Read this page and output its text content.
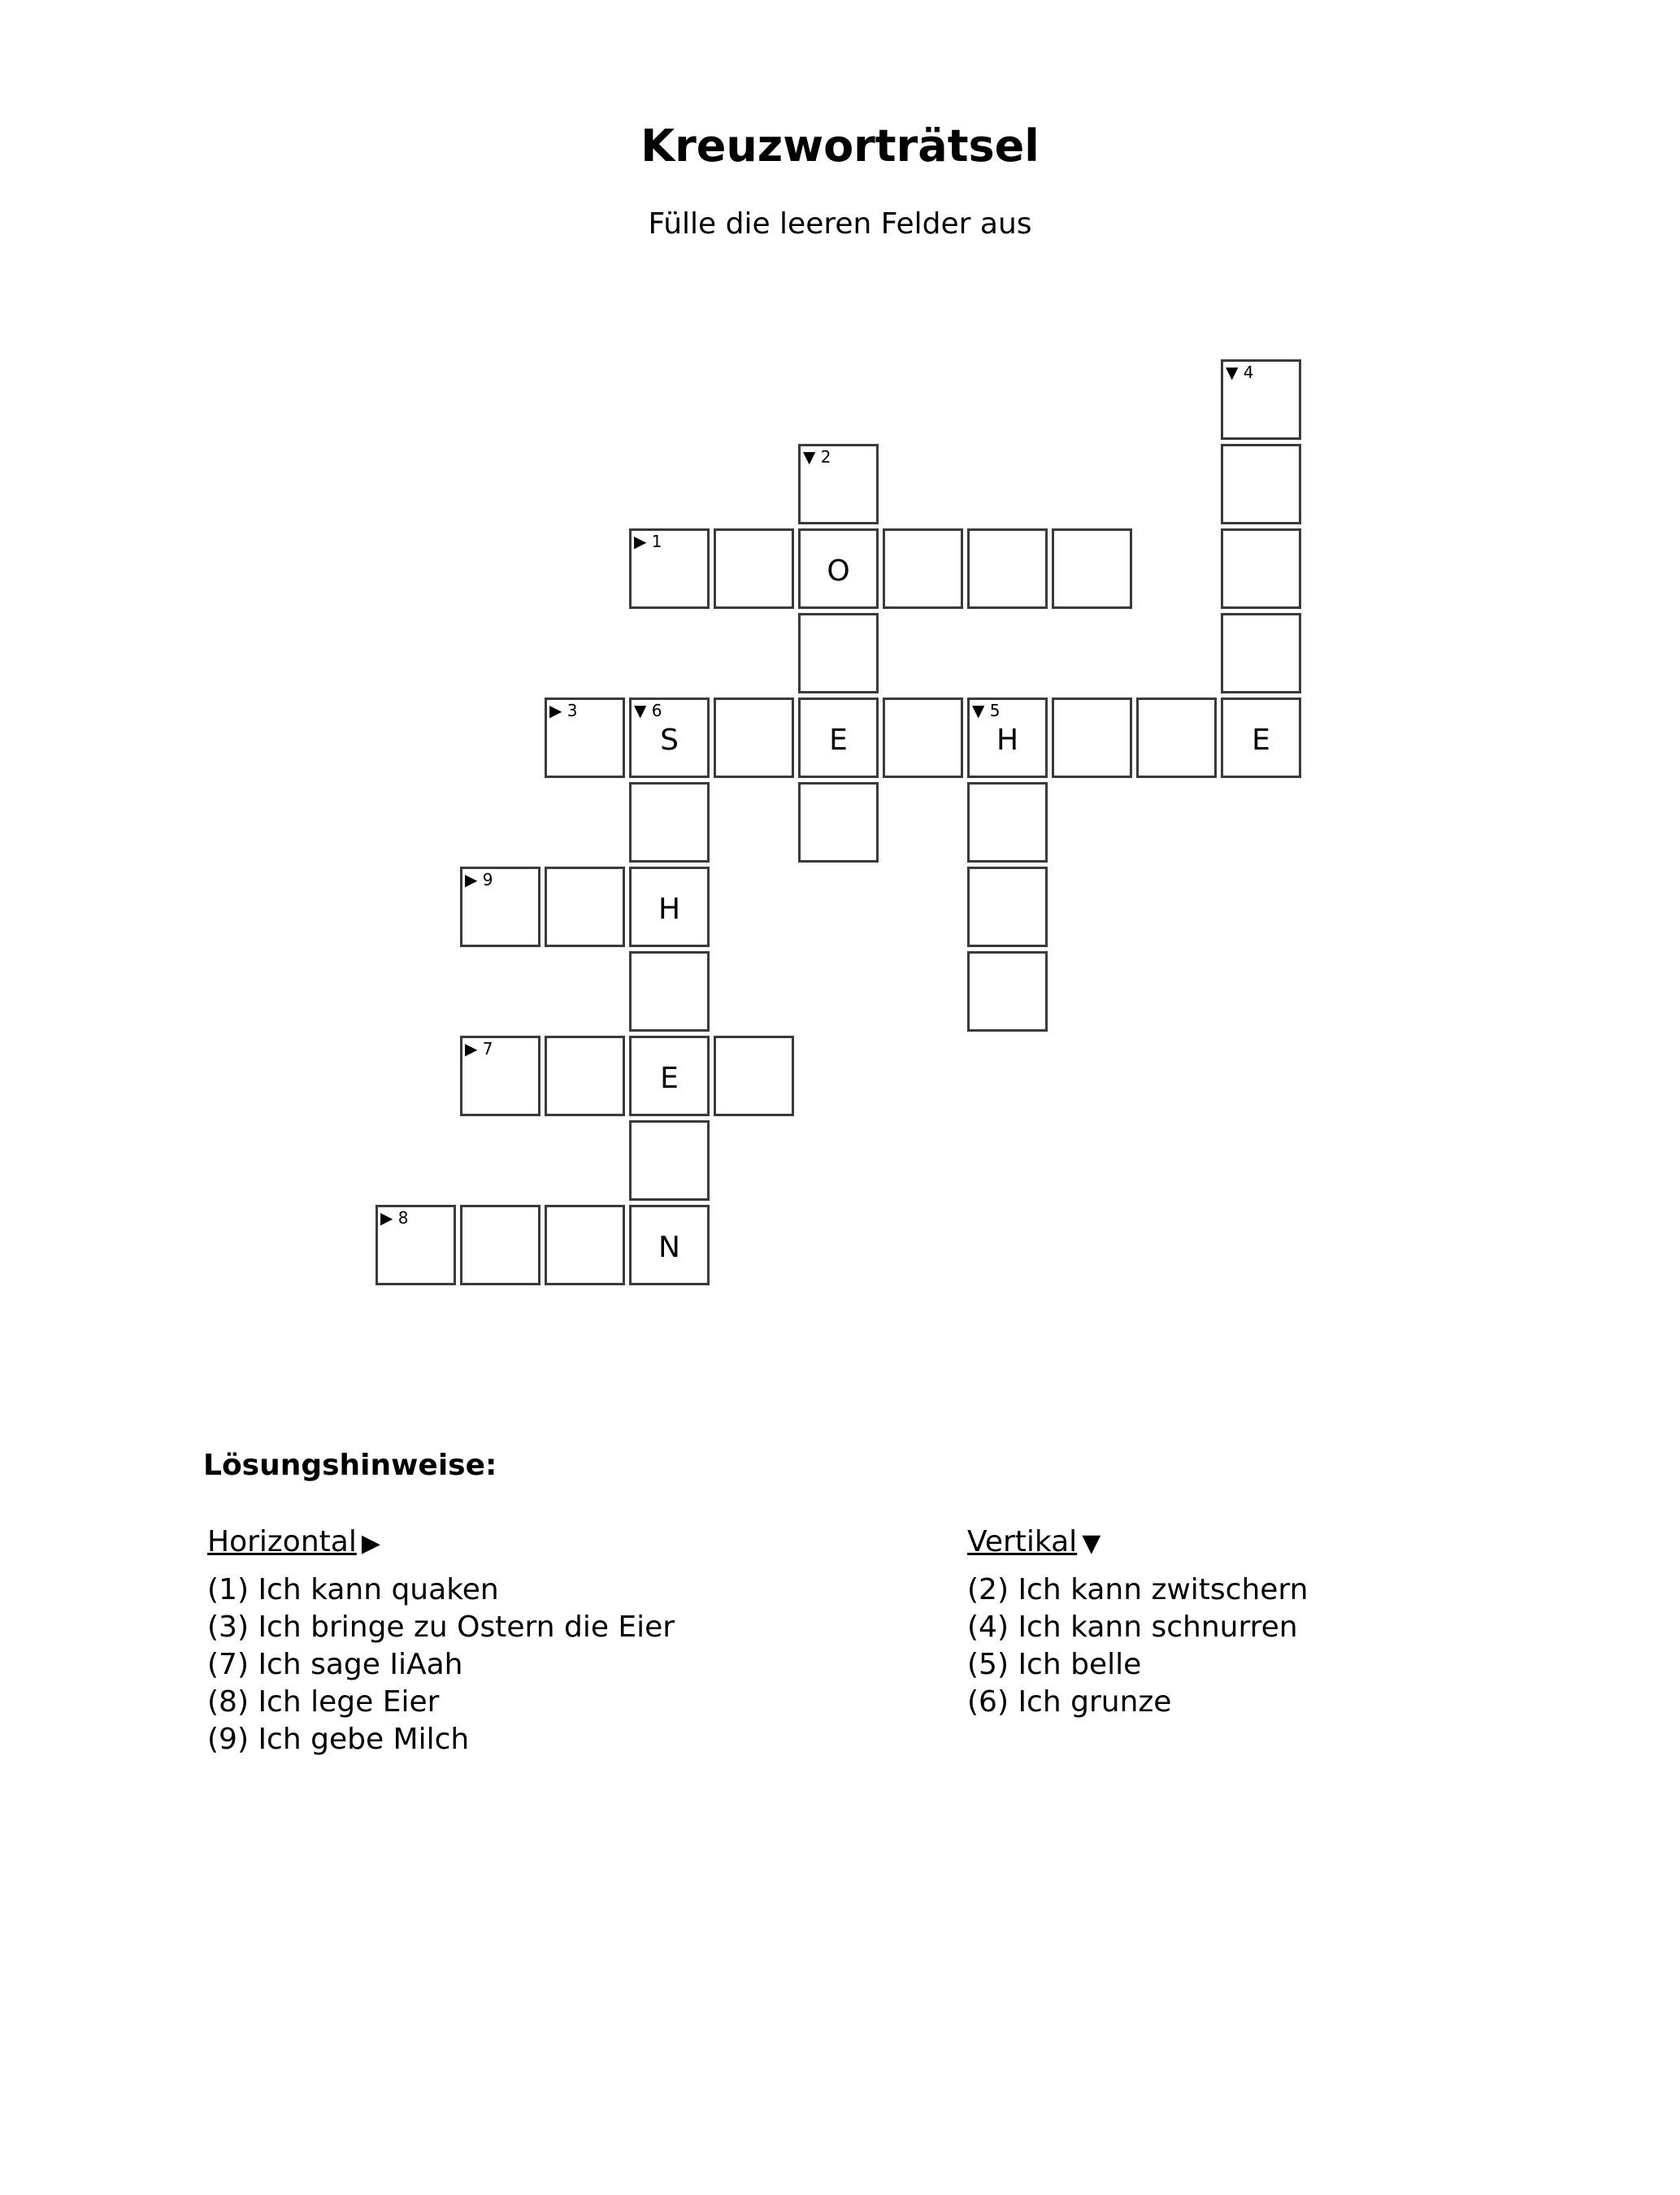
Kreuzworträtsel
Fülle die leeren Felder aus
▼ 4
▼ 2
▶ 1
O
▶ 3	▼ 6
S	E
▼ 5
H	E
▶ 9
H
▶ 7
E
▶ 8
N
Lösungshinweise:
Horizontal ▶
(1) Ich kann quaken
(3) Ich bringe zu Ostern die Eier
(7) Ich sage IiAah
(8) Ich lege Eier
(9) Ich gebe Milch
Vertikal ▼
(2) Ich kann zwitschern
(4) Ich kann schnurren
(5) Ich belle
(6) Ich grunze
